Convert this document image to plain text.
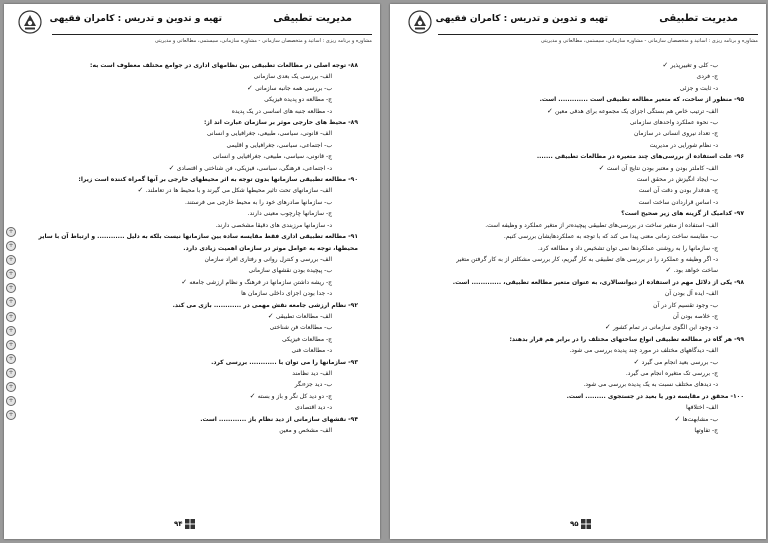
مدیریت تطبیقی
تهیه و تدوین و تدریس : کامران فقیهی
مشاوره و برنامه ریزی : اساتید و متخصصان سازمانی - مشاوره سازمانی، سیستمی، مطالعاتی و مدیریتی
۸۸- توجه اصلی در مطالعات تطبیقی بین نظامهای اداری در جوامع مختلف معطوف است به:
الف- بررسی یک بعدی سازمانی
ب- بررسی همه جانبه سازمانی ✓
ج- مطالعه دو پدیده فیزیکی
د- مطالعه جنبه های اساسی در یک پدیده
۸۹- محیط های خارجی موثر بر سازمان عبارت اند از:
الف- قانونی، سیاسی، طبیعی، جغرافیایی و انسانی
ب- اجتماعی، سیاسی، جغرافیایی و اقلیمی
ج- قانونی، سیاسی، طبیعی، جغرافیایی و انسانی
د- اجتماعی، فرهنگی، سیاسی، فیزیکی، فن شناختی و اقتصادی ✓
۹۰- مطالعه تطبیقی سازمانها بدون توجه به اثر محیطهای خارجی بر آنها گمراه کننده است زیرا:
الف- سازمانهای تحت تاثیر محیطها شکل می گیرند و با محیط ها در تعاملند. ✓
ب- سازمانها صادرهای خود را به محیط خارجی می فرستند.
ج- سازمانها چارچوب معینی دارند.
د- سازمانها مرزبندی های دقیقا مشخصی دارند.
۹۱- مطالعه تطبیقی اداری فقط مقایسه ساده بین سازمانها نیست بلکه به دلیل ............ و ارتباط آن با سایر
محیطها، توجه به عوامل موثر در سازمان اهمیت زیادی دارد.
الف- بررسی و کنترل روانی و رفتاری افراد سازمان
ب- پیچیده بودن نقشهای سازمانی
ج- ریشه داشتن سازمانها در فرهنگ و نظام ارزشی جامعه ✓
د- جدا بودن اجزای داخلی سازمان ها
۹۲- نظام ارزشی جامعه نقش مهمی در ............ بازی می کند.
الف- مطالعات تطبیقی ✓
ب- مطالعات فن شناختی
ج- مطالعات فیزیکی
د- مطالعات فنی
۹۳- سازمانها را می توان با ............ بررسی کرد.
الف- دید نظامند
ب- دید جزءنگر
ج- دو دید کل نگر و باز و بسته ✓
د- دید اقتصادی
۹۴- نقشهای سازمانی از دید نظام باز ............ است.
الف- مشخص و معین
+
+
+
+
+
+
+
+
+
+
+
+
+
+
۹۴
مدیریت تطبیقی
تهیه و تدوین و تدریس : کامران فقیهی
مشاوره و برنامه ریزی : اساتید و متخصصان سازمانی - مشاوره سازمانی، سیستمی، مطالعاتی و مدیریتی
ب- کلی و تغییرپذیر ✓
ج- فردی
د- ثابت و جزئی
۹۵- منظور از ساخت، که متغیر مطالعه تطبیقی است ............. است.
الف- ترتیب خاص هم بستگی اجزای یک مجموعه برای هدفی معین ✓
ب- نحوه عملکرد واحدهای سازمانی
ج- تعداد نیروی انسانی در سازمان
د- نظام شورایی در مدیریت
۹۶- علت استفاده از بررسی‌های چند متغیره در مطالعات تطبیقی .......
الف- کاملتر بودن و معتبر بودن نتایج آن است ✓
ب- ایجاد انگیزش در محقق است
ج- هدفدار بودن و دقت آن است
د- اساس قراردادن ساخت است
۹۷- کدامیک از گزینه های زیر صحیح است؟
الف- استفاده از متغیر ساخت در بررسی‌های تطبیقی پیچیده‌تر از متغیر عملکرد و وظیفه است.
ب- مقایسه ساخت زمانی معنی پیدا می کند که با توجه به عملکردهایشان بررسی کنیم.
ج- سازمانها را به روشنی عملکردها نمی توان تشخیص داد و مطالعه کرد.
د- اگر وظیفه و عملکرد را در بررسی های تطبیقی به کار گیریم، کار بررسی مشکلتر از به کار گرفتن متغیر
ساخت خواهد بود. ✓
۹۸- یکی از دلائل مهم در استفاده از دیوانسالاری، به عنوان متغیر مطالعه تطبیقی، ............. است.
الف- ایده آل بودن آن
ب- وجود تقسیم کار در آن
ج- خلاصه بودن آن
د- وجود این الگوی سازمانی در تمام کشور ✓
۹۹- هر گاه در مطالعه تطبیقی انواع ساختهای مختلف را در برابر هم قرار بدهند:
الف- دیدگاههای مختلف در مورد چند پدیده بررسی می شود.
ب- بررسی بعید انجام می گیرد ✓
ج- بررسی تک متغیره انجام می گیرد.
د- دیدهای مختلف نسبت به یک پدیده بررسی می شود.
۱۰۰- محقق در مقایسه دور یا بعید در جستجوی ......... است.
الف- اختلافها
ب- مشابهت‌ها ✓
ج- تفاوتها
۹۵
